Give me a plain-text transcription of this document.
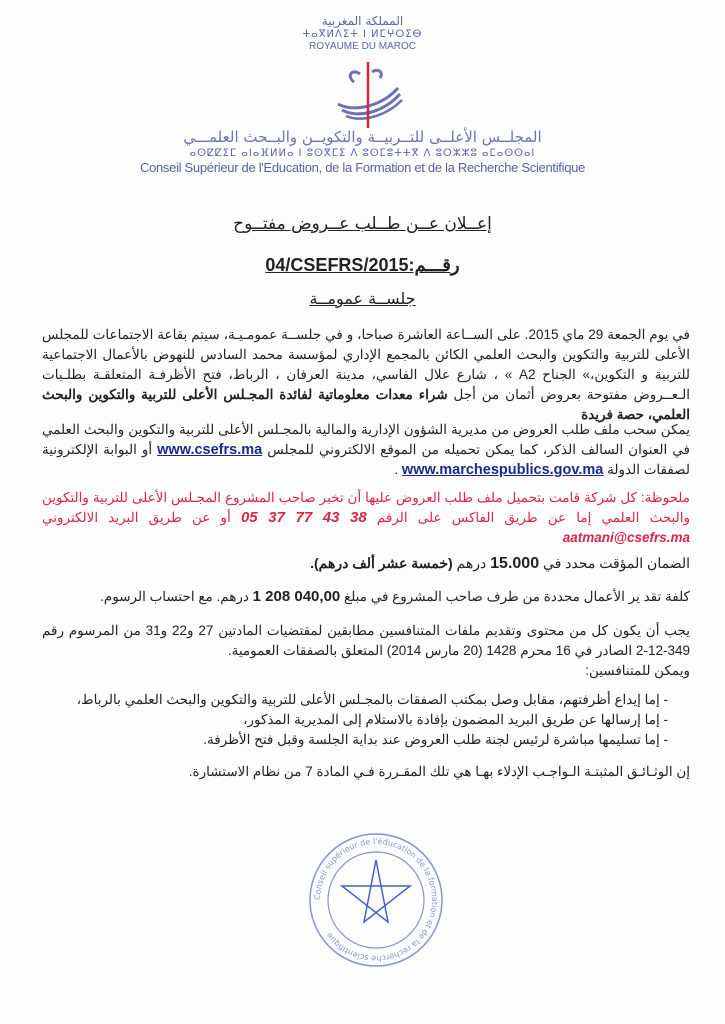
المملكة المغربية
ⵜⴰⴳⵍⴷⵉⵜ ⵏ ⵍⵎⵖⵔⵉⴱ
ROYAUME DU MAROC
المجلــس الأعلــى للتــربيــة والتكويــن والبــحث العلمـــي
ⴰⵙⵇⵇⵉⵎ ⴰⵏⴰⴼⵍⵍⴰ ⵏ ⵓⵙⴳⵎⵉ ⴷ ⵓⵙⵎⵓⵜⵜⴳ ⴷ ⵓⵔⵣⵣⵓ ⴰⵎⴰⵙⵙⴰⵏ
Conseil Supérieur de l'Education, de la Formation et de la Recherche Scientifique
إعــلان عــن طــلب عــروض مفتــوح
رقـــم:04/CSEFRS/2015
جلســة عمومــة
في يوم الجمعة 29 ماي 2015. على الســاعة العاشرة صباحا، و في جلســة عمومـيـة، سيتم بقاعة الاجتماعات للمجلس الأعلى للتربية والتكوين والبحث العلمي الكائن بالمجمع الإداري لمؤسسة محمد السادس للنهوض بالأعمال الاجتماعية للتربية و التكوين،» الجناح A2 » ، شارع علال الفاسي، مدينة العرفان ، الرباط، فتح الأظرفـة المتعلقـة بطلـبات الـعــروض مفتوحة بعروض أثمان من أجل شراء معدات معلوماتية لفائدة المجـلس الأعلى للتربية والتكوين والبحث العلمي، حصة فريدة
يمكن سحب ملف طلب العروض من مديرية الشؤون الإدارية والمالية بالمجـلس الأعلى للتربية والتكوين والبحث العلمي في العنوان السالف الذكر، كما يمكن تحميله من الموقع الالكتروني للمجلس www.csefrs.ma أو البوابة الإلكترونية لصفقات الدولة www.marchespublics.gov.ma .
ملحوظة: كل شركة قامت بتحميل ملف طلب العروض عليها أن تخبر صاحب المشروع المجـلس الأعلى للتربية والتكوين والبحث العلمي إما عن طريق الفاكس على الرقم 05 37 77 43 38 أو عن طريق البريد الالكتروني aatmani@csefrs.ma
الضمان المؤقت محدد في 15.000 درهم (خمسة عشر ألف درهم).
كلفة تقد ير الأعمال محددة من طرف صاحب المشروع في مبلغ 1 208 040,00 درهم. مع احتساب الرسوم.
يجب أن يكون كل من محتوى وتقديم ملفات المتنافسين مطابقين لمقتضيات المادتين 27 و22 و31 من المرسوم رقم 349-12-2 الصادر في 16 محرم 1428 (20 مارس 2014) المتعلق بالصفقات العمومية.
ويمكن للمتنافسين:
- إما إيداع أظرفتهم، مقابل وصل بمكتب الصفقات بالمجـلس الأعلى للتربية والتكوين والبحث العلمي بالرباط،
- إما إرسالها عن طريق البريد المضمون بإفادة بالاستلام إلى المديرية المذكور،
- إما تسليمها مباشرة لرئيس لجنة طلب العروض عند بداية الجلسة وقبل فتح الأظرفة.
إن الوثـائـق المثبتـة الـواجـب الإدلاء بهـا هي تلك المقـررة فـي المادة 7 من نظام الاستشارة.
Conseil supérieur de l'éducation de la formation et de la recherche scientifique
